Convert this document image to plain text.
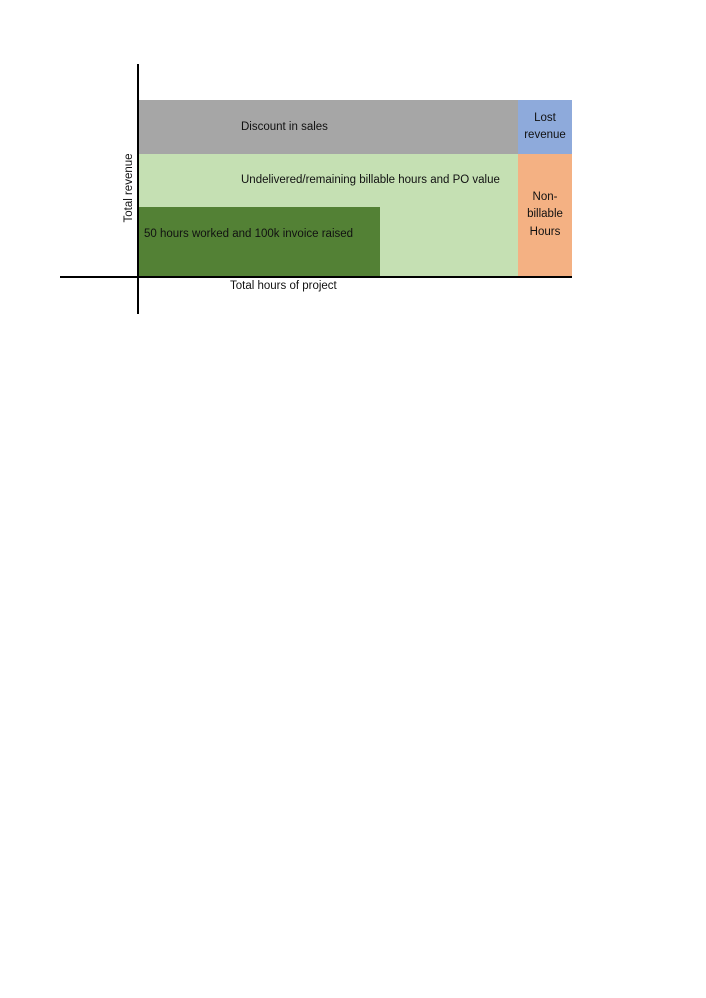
Discount in sales
Lost revenue
Undelivered/remaining billable hours and PO value
Non-billable Hours
50 hours worked and 100k invoice raised
Total hours of project
Total revenue
